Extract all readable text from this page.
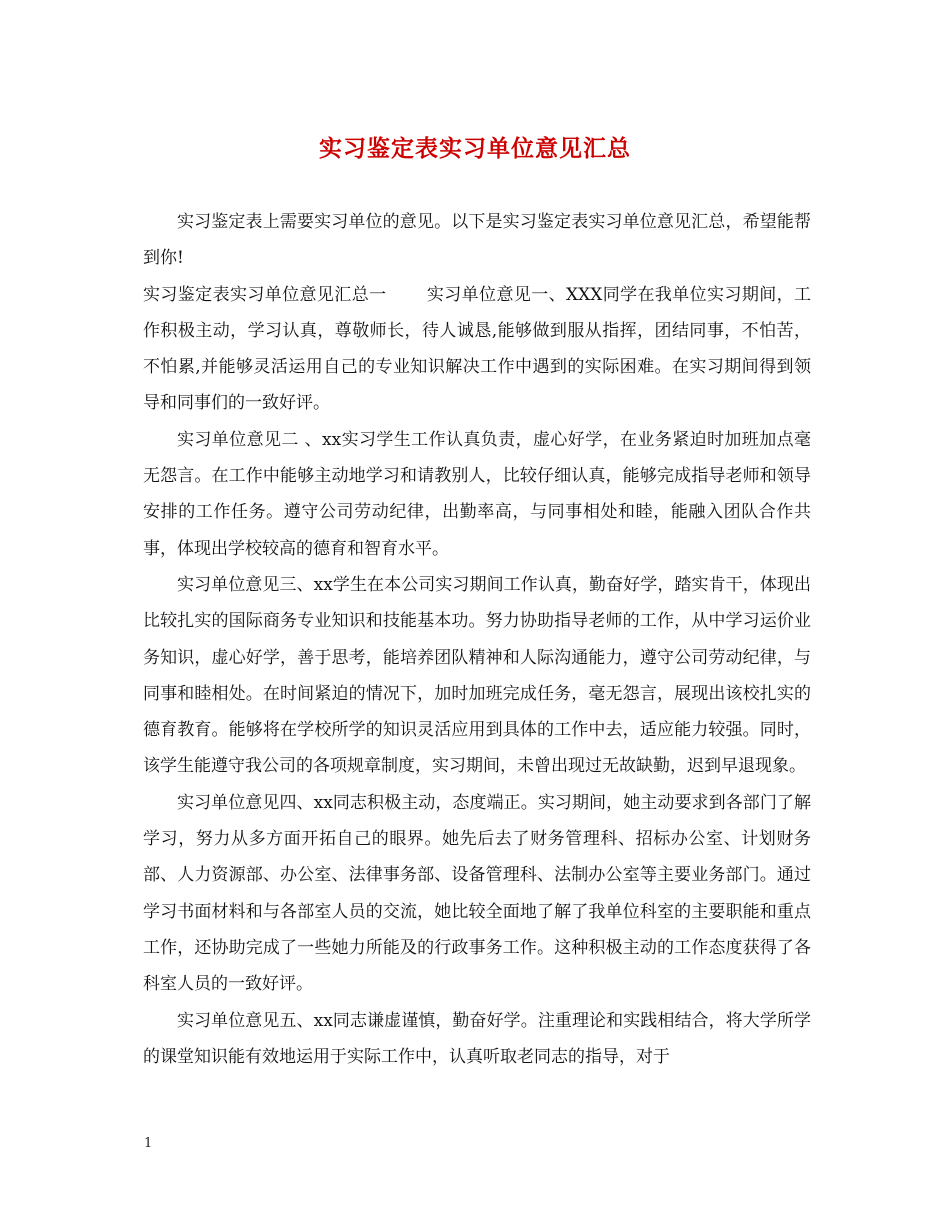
实习鉴定表实习单位意见汇总

实习鉴定表上需要实习单位的意见。以下是实习鉴定表实习单位意见汇总，希望能帮到你!

实习鉴定表实习单位意见汇总一 实习单位意见一、XXX同学在我单位实习期间，工作积极主动，学习认真，尊敬师长，待人诚恳,能够做到服从指挥，团结同事，不怕苦，不怕累,并能够灵活运用自己的专业知识解决工作中遇到的实际困难。在实习期间得到领导和同事们的一致好评。

实习单位意见二 、xx实习学生工作认真负责，虚心好学，在业务紧迫时加班加点毫无怨言。在工作中能够主动地学习和请教别人，比较仔细认真，能够完成指导老师和领导安排的工作任务。遵守公司劳动纪律，出勤率高，与同事相处和睦，能融入团队合作共事，体现出学校较高的德育和智育水平。

实习单位意见三、xx学生在本公司实习期间工作认真，勤奋好学，踏实肯干，体现出比较扎实的国际商务专业知识和技能基本功。努力协助指导老师的工作，从中学习运价业务知识，虚心好学，善于思考，能培养团队精神和人际沟通能力，遵守公司劳动纪律，与同事和睦相处。在时间紧迫的情况下，加时加班完成任务，毫无怨言，展现出该校扎实的德育教育。能够将在学校所学的知识灵活应用到具体的工作中去，适应能力较强。同时，该学生能遵守我公司的各项规章制度，实习期间，未曾出现过无故缺勤，迟到早退现象。

实习单位意见四、xx同志积极主动，态度端正。实习期间，她主动要求到各部门了解学习，努力从多方面开拓自己的眼界。她先后去了财务管理科、招标办公室、计划财务部、人力资源部、办公室、法律事务部、设备管理科、法制办公室等主要业务部门。通过学习书面材料和与各部室人员的交流，她比较全面地了解了我单位科室的主要职能和重点工作，还协助完成了一些她力所能及的行政事务工作。这种积极主动的工作态度获得了各科室人员的一致好评。

实习单位意见五、xx同志谦虚谨慎，勤奋好学。注重理论和实践相结合，将大学所学的课堂知识能有效地运用于实际工作中，认真听取老同志的指导，对于

1
